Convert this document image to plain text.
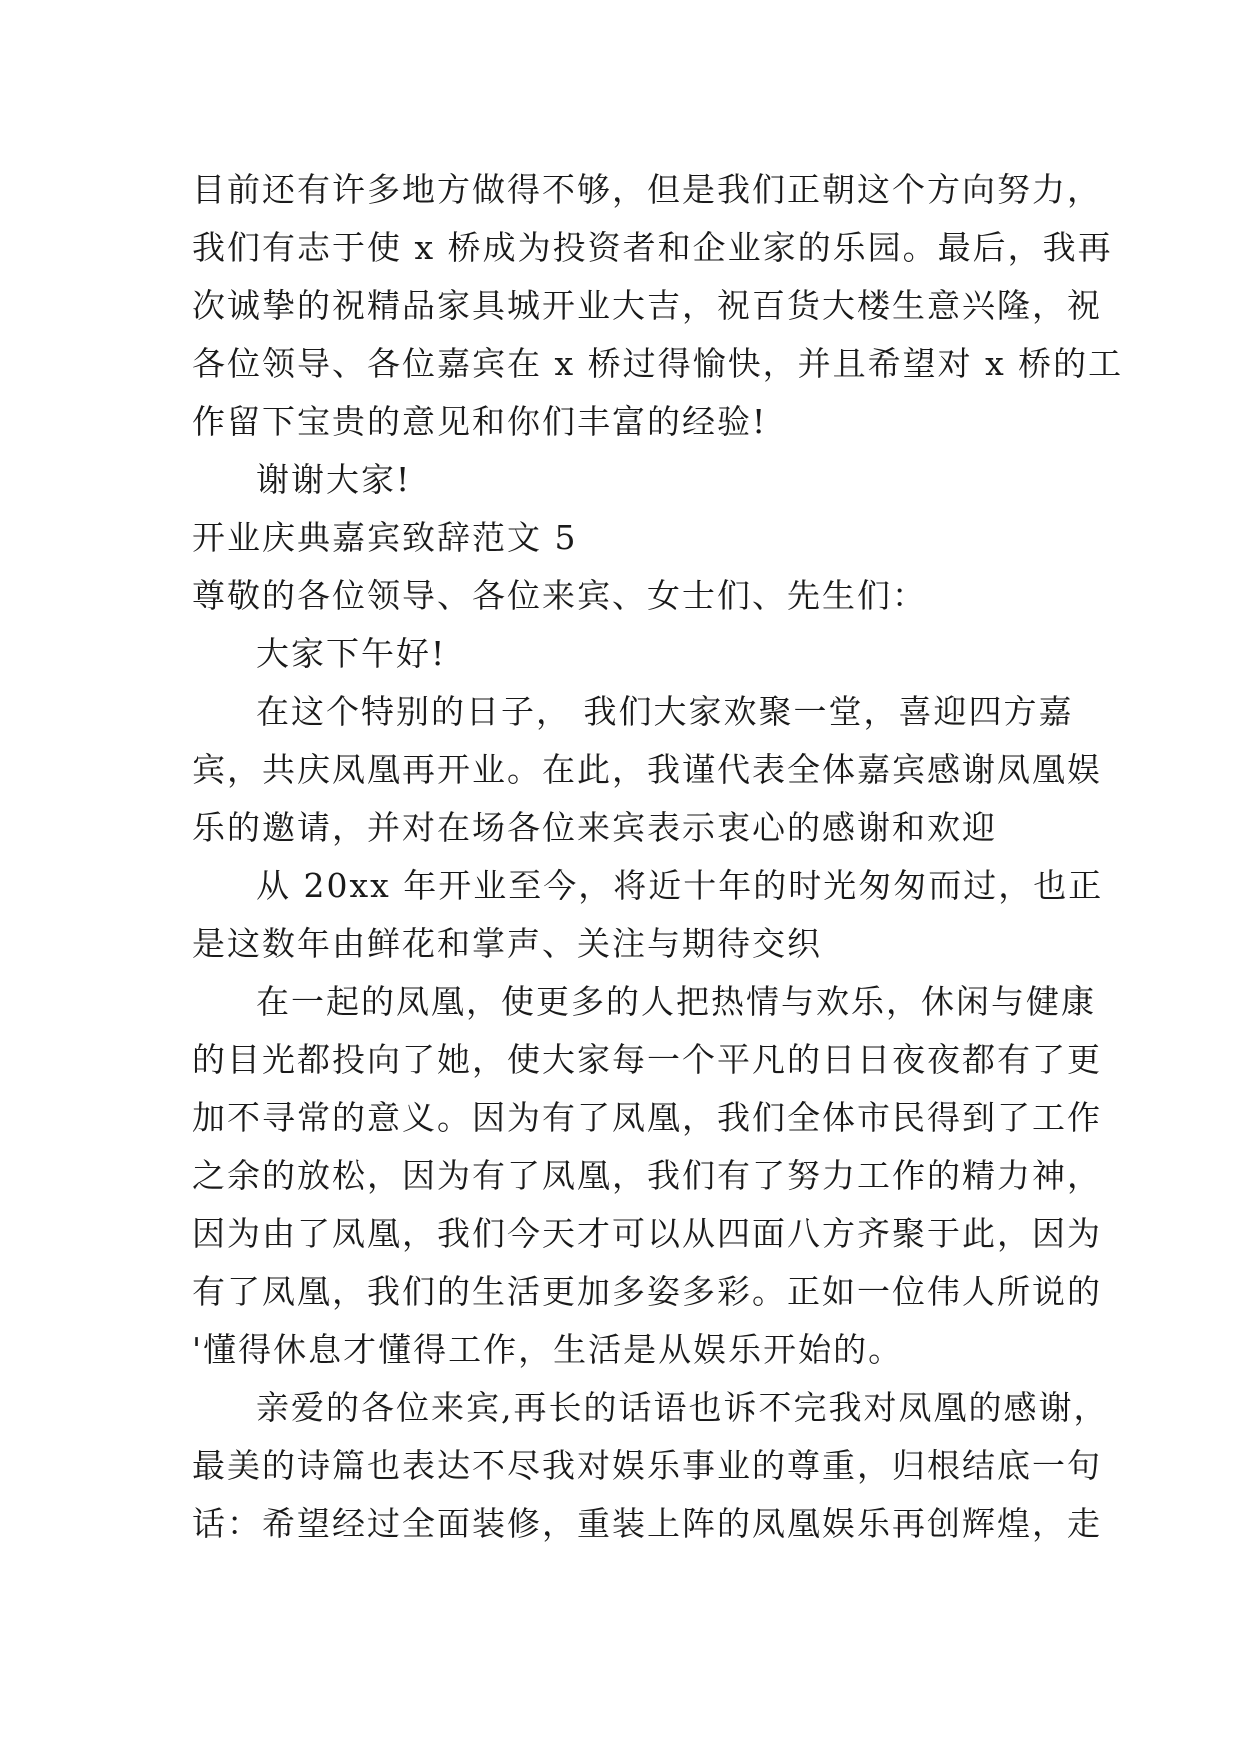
目前还有许多地方做得不够，但是我们正朝这个方向努力，
我们有志于使 x 桥成为投资者和企业家的乐园。最后，我再
次诚挚的祝精品家具城开业大吉，祝百货大楼生意兴隆，祝
各位领导、各位嘉宾在 x 桥过得愉快，并且希望对 x 桥的工
作留下宝贵的意见和你们丰富的经验!
谢谢大家!
开业庆典嘉宾致辞范文 5
尊敬的各位领导、各位来宾、女士们、先生们：
大家下午好!
在这个特别的日子， 我们大家欢聚一堂，喜迎四方嘉
宾，共庆凤凰再开业。在此，我谨代表全体嘉宾感谢凤凰娱
乐的邀请，并对在场各位来宾表示衷心的感谢和欢迎
从 20xx 年开业至今，将近十年的时光匆匆而过，也正
是这数年由鲜花和掌声、关注与期待交织
在一起的凤凰，使更多的人把热情与欢乐，休闲与健康
的目光都投向了她，使大家每一个平凡的日日夜夜都有了更
加不寻常的意义。因为有了凤凰，我们全体市民得到了工作
之余的放松，因为有了凤凰，我们有了努力工作的精力神，
因为由了凤凰，我们今天才可以从四面八方齐聚于此，因为
有了凤凰，我们的生活更加多姿多彩。正如一位伟人所说的
'懂得休息才懂得工作，生活是从娱乐开始的。
亲爱的各位来宾,再长的话语也诉不完我对凤凰的感谢，
最美的诗篇也表达不尽我对娱乐事业的尊重，归根结底一句
话：希望经过全面装修，重装上阵的凤凰娱乐再创辉煌，走
